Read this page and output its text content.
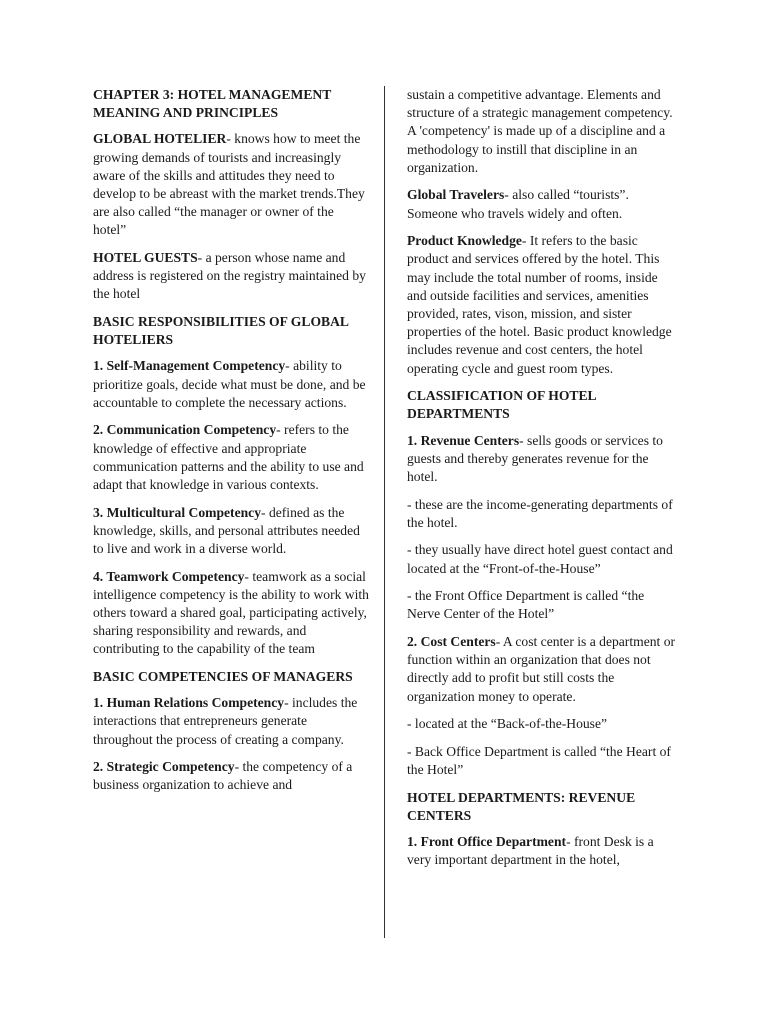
CHAPTER 3: HOTEL MANAGEMENT MEANING AND PRINCIPLES

GLOBAL HOTELIER- knows how to meet the growing demands of tourists and increasingly aware of the skills and attitudes they need to develop to be abreast with the market trends.They are also called “the manager or owner of the hotel”

HOTEL GUESTS- a person whose name and address is registered on the registry maintained by the hotel

BASIC RESPONSIBILITIES OF GLOBAL HOTELIERS

1. Self-Management Competency- ability to prioritize goals, decide what must be done, and be accountable to complete the necessary actions.

2. Communication Competency- refers to the knowledge of effective and appropriate communication patterns and the ability to use and adapt that knowledge in various contexts.

3. Multicultural Competency- defined as the knowledge, skills, and personal attributes needed to live and work in a diverse world.

4. Teamwork Competency- teamwork as a social intelligence competency is the ability to work with others toward a shared goal, participating actively, sharing responsibility and rewards, and contributing to the capability of the team

BASIC COMPETENCIES OF MANAGERS

1. Human Relations Competency- includes the interactions that entrepreneurs generate throughout the process of creating a company.

2. Strategic Competency- the competency of a business organization to achieve and

sustain a competitive advantage. Elements and structure of a strategic management competency. A 'competency' is made up of a discipline and a methodology to instill that discipline in an organization.

Global Travelers- also called “tourists”. Someone who travels widely and often.

Product Knowledge- It refers to the basic product and services offered by the hotel. This may include the total number of rooms, inside and outside facilities and services, amenities provided, rates, vison, mission, and sister properties of the hotel. Basic product knowledge includes revenue and cost centers, the hotel operating cycle and guest room types.

CLASSIFICATION OF HOTEL DEPARTMENTS

1. Revenue Centers- sells goods or services to guests and thereby generates revenue for the hotel.

- these are the income-generating departments of the hotel.

- they usually have direct hotel guest contact and located at the “Front-of-the-House”

- the Front Office Department is called “the Nerve Center of the Hotel”

2. Cost Centers- A cost center is a department or function within an organization that does not directly add to profit but still costs the organization money to operate.

- located at the “Back-of-the-House”

- Back Office Department is called “the Heart of the Hotel”

HOTEL DEPARTMENTS: REVENUE CENTERS

1. Front Office Department- front Desk is a very important department in the hotel,
